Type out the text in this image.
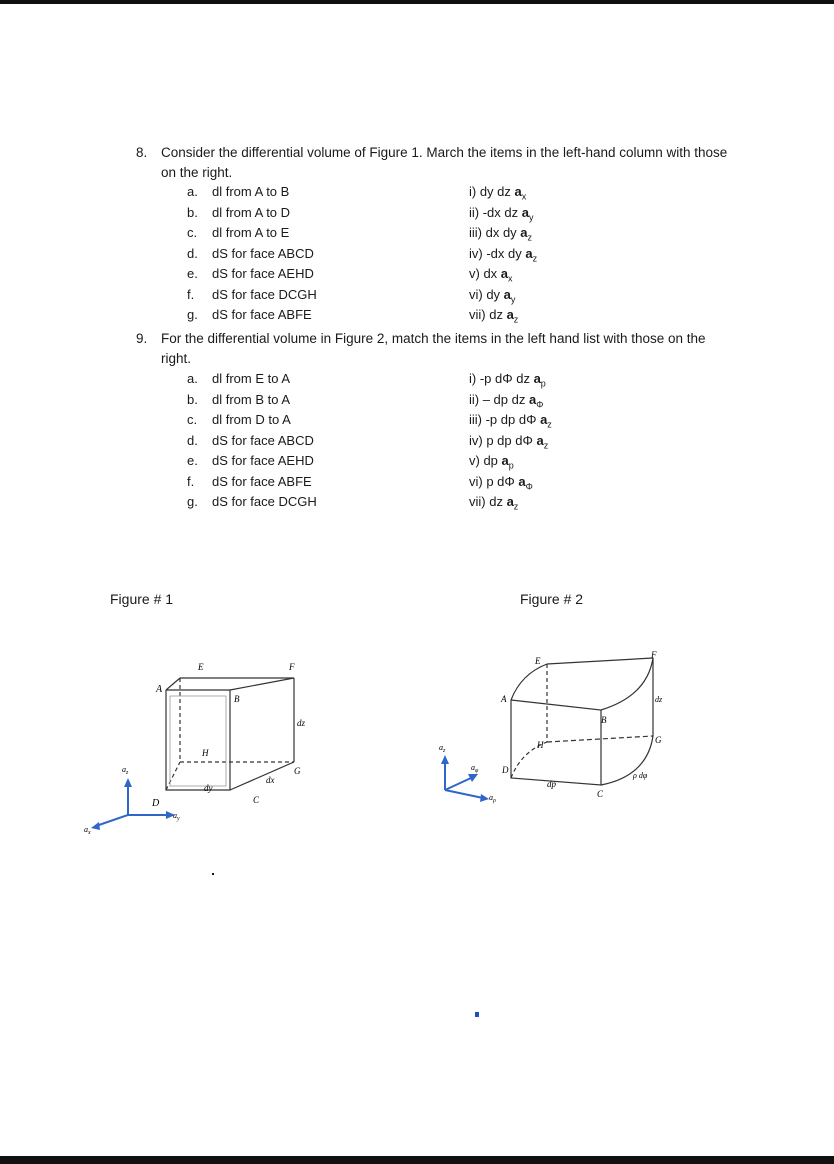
8. Consider the differential volume of Figure 1. March the items in the left-hand column with those
on the right.
a. dl from A to B
b. dl from A to D
c. dl from A to E
d. dS for face ABCD
e. dS for face AEHD
f. dS for face DCGH
g. dS for face ABFE
i) dy dz $a_x$
ii) -dx dz $a_y$
iii) dx dy $a_z$
iv) -dx dy $a_z$
v) dx $a_x$
vi) dy $a_y$
vii) dz $a_z$
9. For the differential volume in Figure 2, match the items in the left hand list with those on the
right.
a. dl from E to A
b. dl from B to A
c. dl from D to A
d. dS for face ABCD
e. dS for face AEHD
f. dS for face ABFE
g. dS for face DCGH
i) -p dΦ dz $a_p$
ii) – dp dz $a_\Phi$
iii) -p dp dΦ $a_z$
iv) p dp dΦ $a_z$
v) dp $a_p$
vi) p dΦ $a_\Phi$
vii) dz $a_z$
Figure # 1	Figure # 2
A
B
C
D
E	F
G
H
dz
dx
dy
$a_z$
$a_y$
$a_x$
A
B
C
D
E
F
G
H
dz
ρ dφ
dp
$a_z$
$a_\varphi$
$a_\rho$
